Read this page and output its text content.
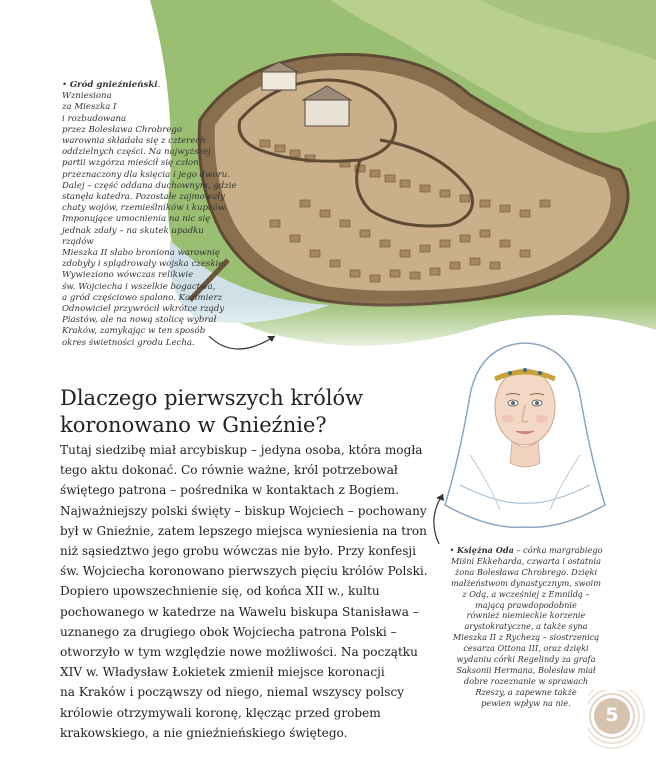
• Gród gnieźnieński.
Wzniesiona
za Mieszka I
i rozbudowana
przez Bolesława Chrobrego
warownia składała się z czterech
oddzielnych części. Na najwyższej
partii wzgórza mieścił się człon
przeznaczony dla księcia i jego dworu.
Dalej – część oddana duchownym, gdzie
stanęła katedra. Pozostałe zajmowały
chaty wojów, rzemieślników i kupców.
Imponujące umocnienia na nic się
jednak zdały – na skutek upadku rządów
Mieszka II słabo broniona warownię
zdobyły i splądrowały wojska czeskie.
Wywieziono wówczas relikwie
św. Wojciecha i wszelkie bogactwa,
a gród częściowo spalono. Kazimierz
Odnowiciel przywrócił wkrótce rządy
Piastów, ale na nową stolicę wybrał
Kraków, zamykając w ten sposób
okres świetności grodu Lecha.
Dlaczego pierwszych królów
koronowano w Gnieźnie?
Tutaj siedzibę miał arcybiskup – jedyna osoba, która mogła
tego aktu dokonać. Co równie ważne, król potrzebował
świętego patrona – pośrednika w kontaktach z Bogiem.
Najważniejszy polski święty – biskup Wojciech – pochowany
był w Gnieźnie, zatem lepszego miejsca wyniesienia na tron
niż sąsiedztwo jego grobu wówczas nie było. Przy konfesji
św. Wojciecha koronowano pierwszych pięciu królów Polski.
Dopiero upowszechnienie się, od końca XII w., kultu
pochowanego w katedrze na Wawelu biskupa Stanisława –
uznanego za drugiego obok Wojciecha patrona Polski –
otworzyło w tym względzie nowe możliwości. Na początku
XIV w. Władysław Łokietek zmienił miejsce koronacji
na Kraków i począwszy od niego, niemal wszyscy polscy
królowie otrzymywali koronę, klęcząc przed grobem
krakowskiego, a nie gnieźnieńskiego świętego.
• Księżna Oda – córka margrabiego
Miśni Ekkeharda, czwarta i ostatnia
żona Bolesława Chrobrego. Dzięki
małżeństwom dynastycznym, swoim
z Odą, a wcześniej z Emnildą –
mającą prawdopodobnie
również niemieckie korzenie
arystokratyczne, a także syna
Mieszka II z Rychezą – siostrzenicą
cesarza Ottona III, oraz dzięki
wydaniu córki Regelindy za grafa
Saksonii Hermana, Bolesław miał
dobre rozeznanie w sprawach
Rzeszy, a zapewne także
pewien wpływ na nie.
5
